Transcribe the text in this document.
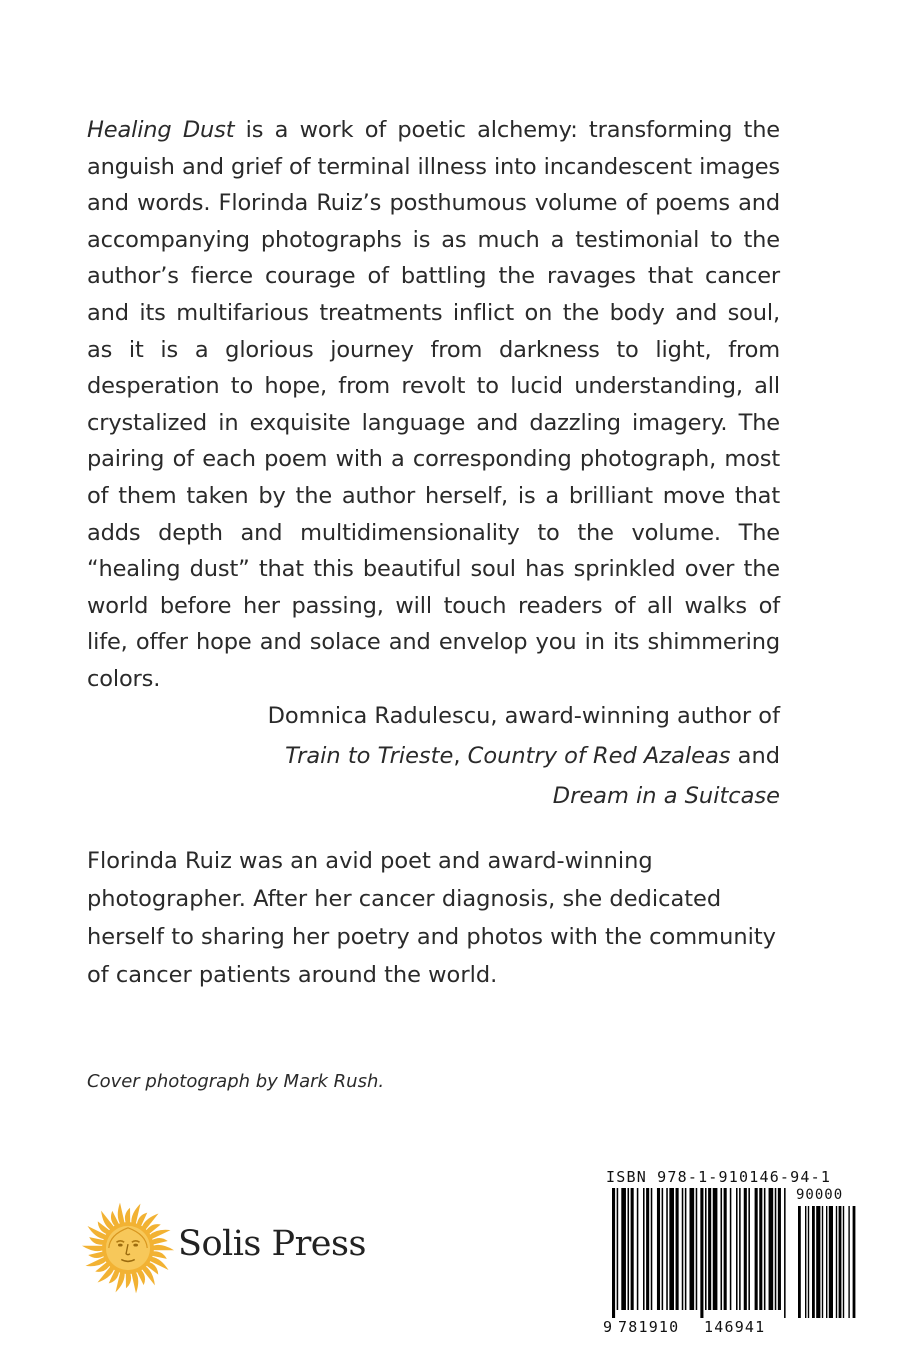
Healing Dust is a work of poetic alchemy: transforming the anguish and grief of terminal illness into incandescent images and words. Florinda Ruiz’s posthumous volume of poems and accompanying photographs is as much a testimonial to the author’s fierce courage of battling the ravages that cancer and its multifarious treatments inflict on the body and soul, as it is a glorious journey from darkness to light, from desperation to hope, from revolt to lucid understanding, all crystalized in exquisite language and dazzling imagery. The pairing of each poem with a corresponding photograph, most of them taken by the author herself, is a brilliant move that adds depth and multidimensionality to the volume. The “healing dust” that this beautiful soul has sprinkled over the world before her passing, will touch readers of all walks of life, offer hope and solace and envelop you in its shimmering colors.

Domnica Radulescu, award-winning author of
Train to Trieste, Country of Red Azaleas and
Dream in a Suitcase

Florinda Ruiz was an avid poet and award-winning photographer. After her cancer diagnosis, she dedicated herself to sharing her poetry and photos with the community of cancer patients around the world.

Cover photograph by Mark Rush.

Solis Press
ISBN 978-1-910146-94-1
90000
9 781910 146941
